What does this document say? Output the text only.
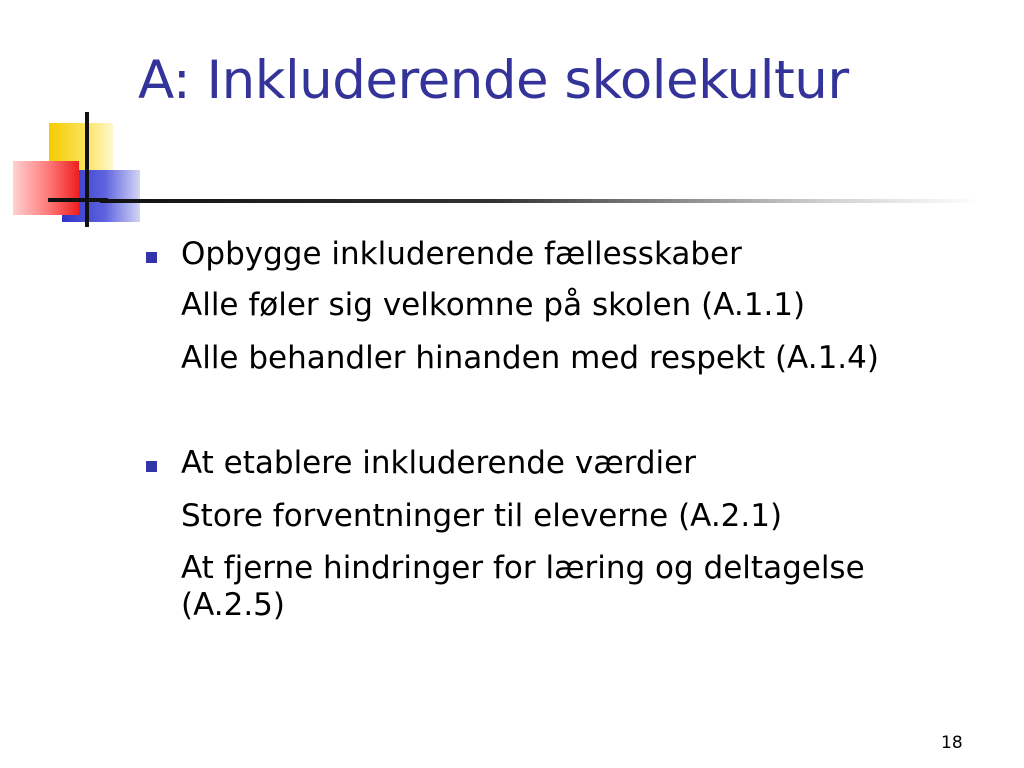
A: Inkluderende skolekultur

Opbygge inkluderende fællesskaber

Alle føler sig velkomne på skolen (A.1.1)

Alle behandler hinanden med respekt (A.1.4)

At etablere inkluderende værdier

Store forventninger til eleverne (A.2.1)

At fjerne hindringer for læring og deltagelse

(A.2.5)

18
